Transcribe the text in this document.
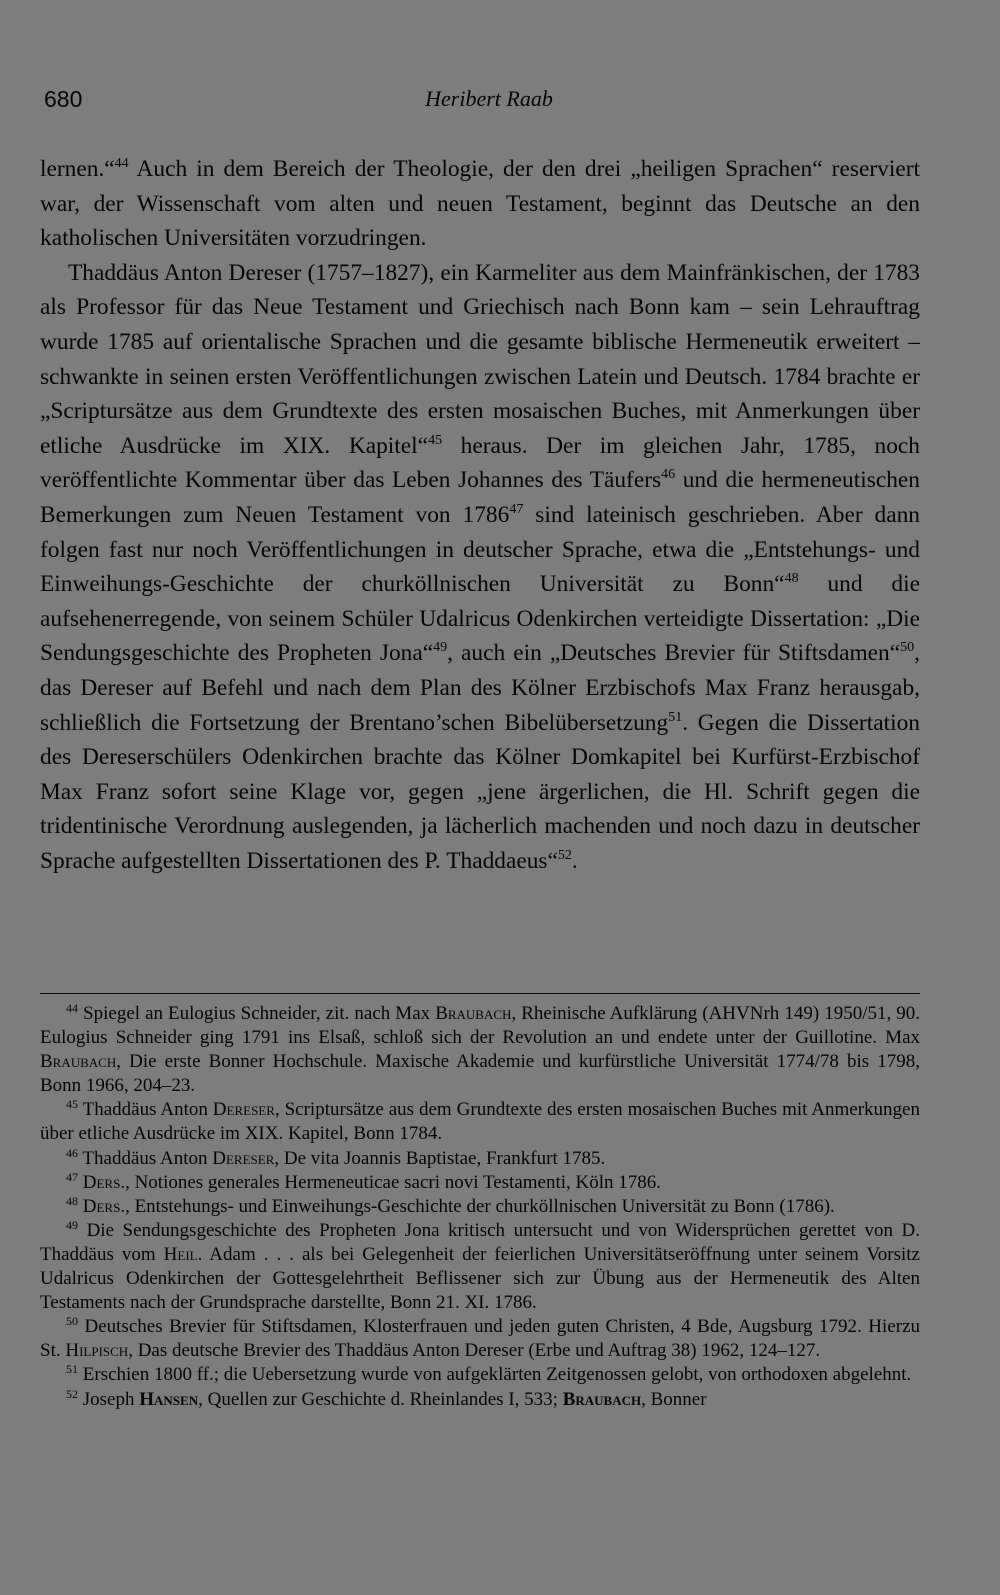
680	Heribert Raab

lernen.“$^{44}$ Auch in dem Bereich der Theologie, der den drei „heiligen Sprachen“ reserviert war, der Wissenschaft vom alten und neuen Testament, beginnt das Deutsche an den katholischen Universitäten vorzudringen.

Thaddäus Anton Dereser (1757–1827), ein Karmeliter aus dem Mainfränkischen, der 1783 als Professor für das Neue Testament und Griechisch nach Bonn kam – sein Lehrauftrag wurde 1785 auf orientalische Sprachen und die gesamte biblische Hermeneutik erweitert – schwankte in seinen ersten Veröffentlichungen zwischen Latein und Deutsch. 1784 brachte er „Scriptursätze aus dem Grundtexte des ersten mosaischen Buches, mit Anmerkungen über etliche Ausdrücke im XIX. Kapitel“$^{45}$ heraus. Der im gleichen Jahr, 1785, noch veröffentlichte Kommentar über das Leben Johannes des Täufers$^{46}$ und die hermeneutischen Bemerkungen zum Neuen Testament von 1786$^{47}$ sind lateinisch geschrieben. Aber dann folgen fast nur noch Veröffentlichungen in deutscher Sprache, etwa die „Entstehungs- und Einweihungs-Geschichte der churköllnischen Universität zu Bonn“$^{48}$ und die aufsehenerregende, von seinem Schüler Udalricus Odenkirchen verteidigte Dissertation: „Die Sendungsgeschichte des Propheten Jona“$^{49}$, auch ein „Deutsches Brevier für Stiftsdamen“$^{50}$, das Dereser auf Befehl und nach dem Plan des Kölner Erzbischofs Max Franz herausgab, schließlich die Fortsetzung der Brentano’schen Bibelübersetzung$^{51}$. Gegen die Dissertation des Dereserschülers Odenkirchen brachte das Kölner Domkapitel bei Kurfürst-Erzbischof Max Franz sofort seine Klage vor, gegen „jene ärgerlichen, die Hl. Schrift gegen die tridentinische Verordnung auslegenden, ja lächerlich machenden und noch dazu in deutscher Sprache aufgestellten Dissertationen des P. Thaddaeus“$^{52}$.

$^{44}$ Spiegel an Eulogius Schneider, zit. nach Max Braubach, Rheinische Aufklärung (AHVNrh 149) 1950/51, 90. Eulogius Schneider ging 1791 ins Elsaß, schloß sich der Revolution an und endete unter der Guillotine. Max Braubach, Die erste Bonner Hochschule. Maxische Akademie und kurfürstliche Universität 1774/78 bis 1798, Bonn 1966, 204–23.

$^{45}$ Thaddäus Anton Dereser, Scriptursätze aus dem Grundtexte des ersten mosaischen Buches mit Anmerkungen über etliche Ausdrücke im XIX. Kapitel, Bonn 1784.

$^{46}$ Thaddäus Anton Dereser, De vita Joannis Baptistae, Frankfurt 1785.

$^{47}$ Ders., Notiones generales Hermeneuticae sacri novi Testamenti, Köln 1786.

$^{48}$ Ders., Entstehungs- und Einweihungs-Geschichte der churköllnischen Universität zu Bonn (1786).

$^{49}$ Die Sendungsgeschichte des Propheten Jona kritisch untersucht und von Widersprüchen gerettet von D. Thaddäus vom Heil. Adam . . . als bei Gelegenheit der feierlichen Universitätseröffnung unter seinem Vorsitz Udalricus Odenkirchen der Gottesgelehrtheit Beflissener sich zur Übung aus der Hermeneutik des Alten Testaments nach der Grundsprache darstellte, Bonn 21. XI. 1786.

$^{50}$ Deutsches Brevier für Stiftsdamen, Klosterfrauen und jeden guten Christen, 4 Bde, Augsburg 1792. Hierzu St. Hilpisch, Das deutsche Brevier des Thaddäus Anton Dereser (Erbe und Auftrag 38) 1962, 124–127.

$^{51}$ Erschien 1800 ff.; die Uebersetzung wurde von aufgeklärten Zeitgenossen gelobt, von orthodoxen abgelehnt.

$^{52}$ Joseph Hansen, Quellen zur Geschichte d. Rheinlandes I, 533; Braubach, Bonner
